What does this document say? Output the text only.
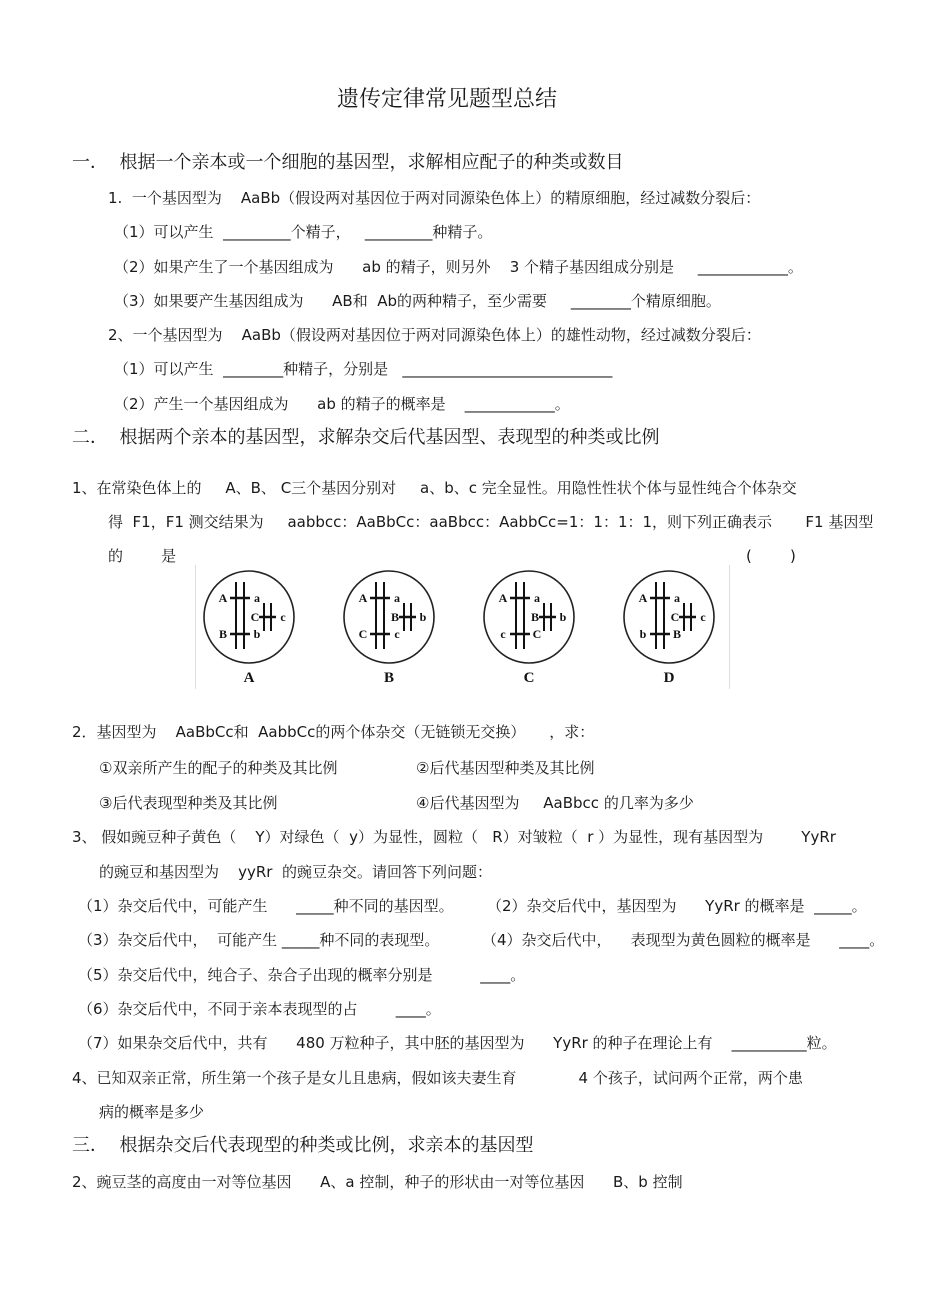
遗传定律常见题型总结
一．  根据一个亲本或一个细胞的基因型，求解相应配子的种类或数目
1.  一个基因型为    AaBb（假设两对基因位于两对同源染色体上）的精原细胞，经过减数分裂后：
（1）可以产生  _________个精子，   _________种精子。
（2）如果产生了一个基因组成为      ab 的精子，则另外    3 个精子基因组成分别是     ____________。
（3）如果要产生基因组成为      AB和  Ab的两种精子，至少需要     ________个精原细胞。
2、一个基因型为    AaBb（假设两对基因位于两对同源染色体上）的雄性动物，经过减数分裂后：
（1）可以产生  ________种精子，分别是   ____________________________
（2）产生一个基因组成为      ab 的精子的概率是    ____________。
二．  根据两个亲本的基因型，求解杂交后代基因型、表现型的种类或比例
1、在常染色体上的     A、B、 C三个基因分别对     a、b、c 完全显性。用隐性性状个体与显性纯合个体杂交
得  F1，F1 测交结果为     aabbcc：AaBbCc：aaBbcc：AabbCc=1：1：1：1，则下列正确表示       F1 基因型
的        是	(        )
A
B
a
b
C c
A
A
C
a
c
B b
B
A
c
a
C
B b
C
A
b
a
B
C c
D
2．基因型为    AaBbCc和  AabbCc的两个体杂交（无链锁无交换）     ，求：
①双亲所产生的配子的种类及其比例	②后代基因型种类及其比例
③后代表现型种类及其比例	④后代基因型为     AaBbcc 的几率为多少
3、 假如豌豆种子黄色（    Y）对绿色（  y）为显性，圆粒（   R）对皱粒（  r ）为显性，现有基因型为        YyRr
的豌豆和基因型为    yyRr  的豌豆杂交。请回答下列问题：
（1）杂交后代中，可能产生      _____种不同的基因型。 （2）杂交后代中，基因型为      YyRr 的概率是  _____。
（3）杂交后代中，  可能产生 _____种不同的表现型。	（4）杂交后代中，    表现型为黄色圆粒的概率是      ____。
（5）杂交后代中，纯合子、杂合子出现的概率分别是          ____。
（6）杂交后代中，不同于亲本表现型的占        ____。
（7）如果杂交后代中，共有      480 万粒种子，其中胚的基因型为      YyRr 的种子在理论上有    __________粒。
4、已知双亲正常，所生第一个孩子是女儿且患病，假如该夫妻生育             4 个孩子，试问两个正常，两个患
病的概率是多少
三．  根据杂交后代表现型的种类或比例，求亲本的基因型
2、豌豆茎的高度由一对等位基因      A、a 控制，种子的形状由一对等位基因      B、b 控制
